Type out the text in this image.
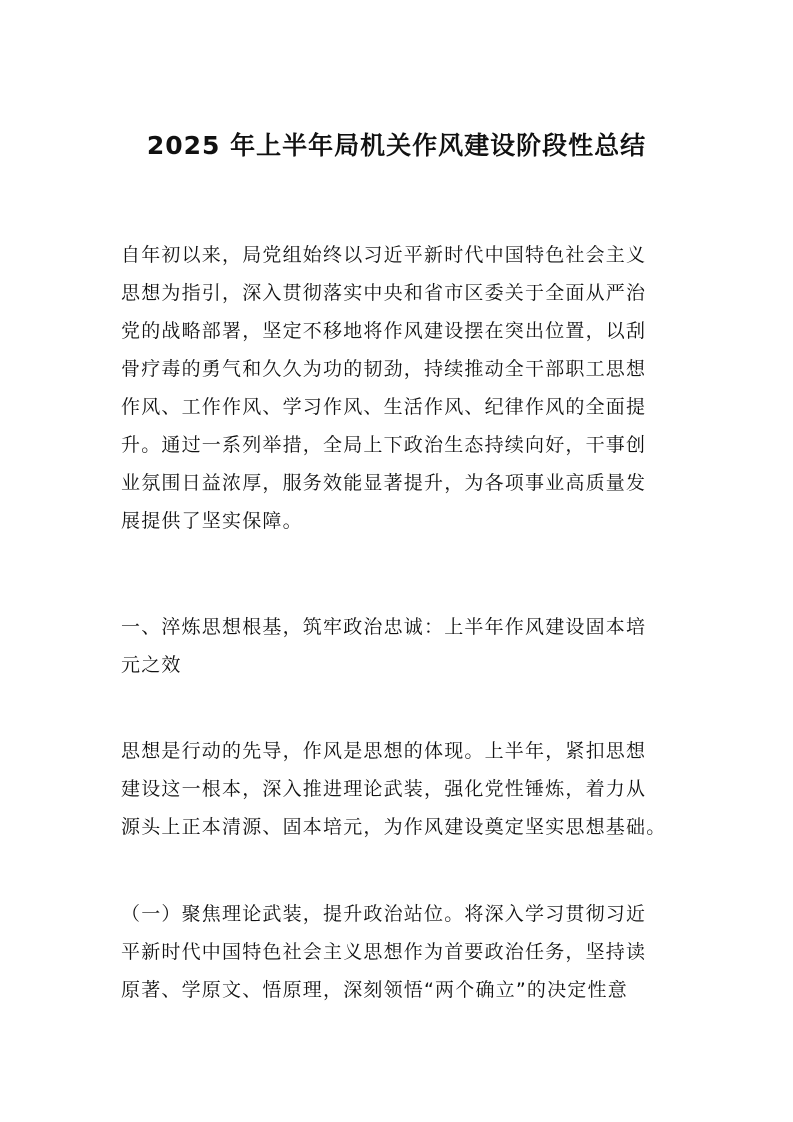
2025 年上半年局机关作风建设阶段性总结
自年初以来，局党组始终以习近平新时代中国特色社会主义
思想为指引，深入贯彻落实中央和省市区委关于全面从严治
党的战略部署，坚定不移地将作风建设摆在突出位置，以刮
骨疗毒的勇气和久久为功的韧劲，持续推动全干部职工思想
作风、工作作风、学习作风、生活作风、纪律作风的全面提
升。通过一系列举措，全局上下政治生态持续向好，干事创
业氛围日益浓厚，服务效能显著提升，为各项事业高质量发
展提供了坚实保障。
一、淬炼思想根基，筑牢政治忠诚：上半年作风建设固本培
元之效
思想是行动的先导，作风是思想的体现。上半年，紧扣思想
建设这一根本，深入推进理论武装，强化党性锤炼，着力从
源头上正本清源、固本培元，为作风建设奠定坚实思想基础。
（一）聚焦理论武装，提升政治站位。将深入学习贯彻习近
平新时代中国特色社会主义思想作为首要政治任务，坚持读
原著、学原文、悟原理，深刻领悟“两个确立”的决定性意
